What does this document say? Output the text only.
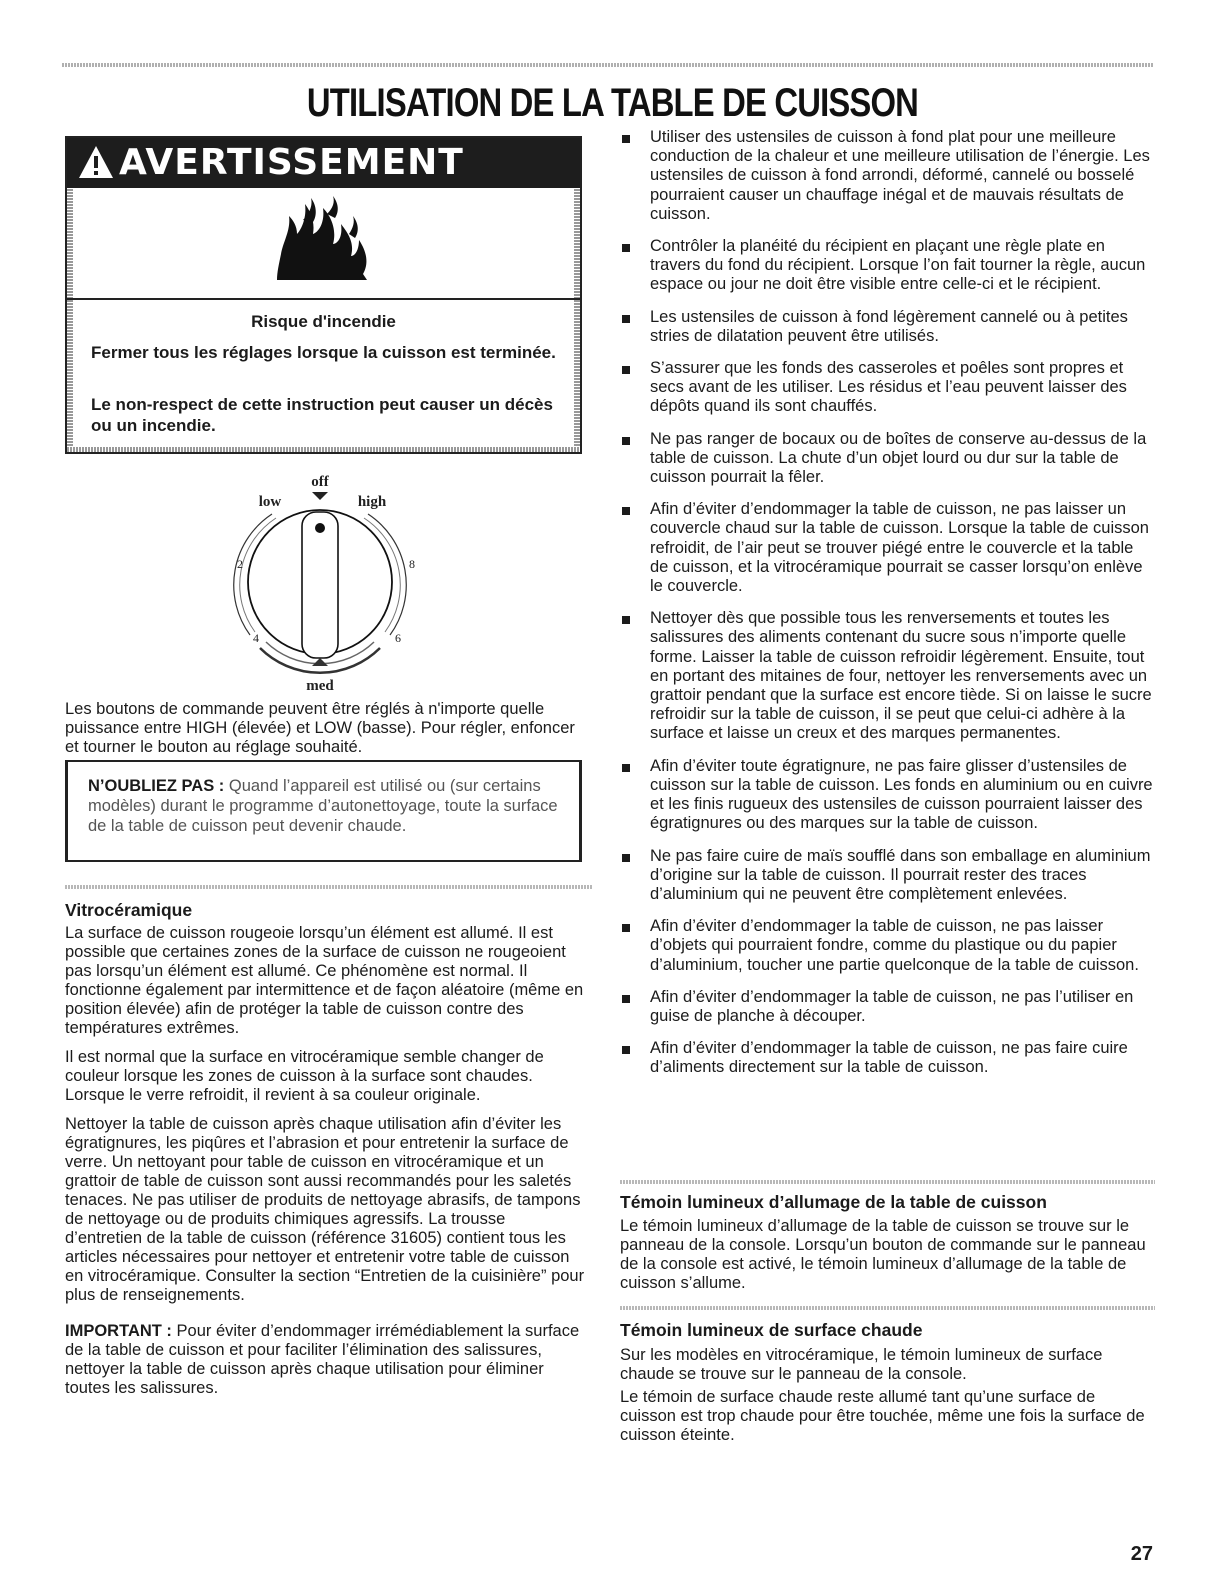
UTILISATION DE LA TABLE DE CUISSON
AVERTISSEMENT
Risque d'incendie
Fermer tous les réglages lorsque la cuisson est terminée.
Le non-respect de cette instruction peut causer un décès ou un incendie.
off
low	high
2	8
4	6
med

Les boutons de commande peuvent être réglés à n'importe quelle puissance entre HIGH (élevée) et LOW (basse). Pour régler, enfoncer et tourner le bouton au réglage souhaité.

N’OUBLIEZ PAS : Quand l’appareil est utilisé ou (sur certains modèles) durant le programme d’autonettoyage, toute la surface de la table de cuisson peut devenir chaude.
Vitrocéramique

La surface de cuisson rougeoie lorsqu’un élément est allumé. Il est possible que certaines zones de la surface de cuisson ne rougeoient pas lorsqu’un élément est allumé. Ce phénomène est normal. Il fonctionne également par intermittence et de façon aléatoire (même en position élevée) afin de protéger la table de cuisson contre des températures extrêmes.

Il est normal que la surface en vitrocéramique semble changer de couleur lorsque les zones de cuisson à la surface sont chaudes. Lorsque le verre refroidit, il revient à sa couleur originale.

Nettoyer la table de cuisson après chaque utilisation afin d’éviter les égratignures, les piqûres et l’abrasion et pour entretenir la surface de verre. Un nettoyant pour table de cuisson en vitrocéramique et un grattoir de table de cuisson sont aussi recommandés pour les saletés tenaces. Ne pas utiliser de produits de nettoyage abrasifs, de tampons de nettoyage ou de produits chimiques agressifs. La trousse d’entretien de la table de cuisson (référence 31605) contient tous les articles nécessaires pour nettoyer et entretenir votre table de cuisson en vitrocéramique. Consulter la section “Entretien de la cuisinière” pour plus de renseignements.

IMPORTANT : Pour éviter d’endommager irrémédiablement la surface de la table de cuisson et pour faciliter l’élimination des salissures, nettoyer la table de cuisson après chaque utilisation pour éliminer toutes les salissures.

Utiliser des ustensiles de cuisson à fond plat pour une meilleure conduction de la chaleur et une meilleure utilisation de l’énergie. Les ustensiles de cuisson à fond arrondi, déformé, cannelé ou bosselé pourraient causer un chauffage inégal et de mauvais résultats de cuisson.
Contrôler la planéité du récipient en plaçant une règle plate en travers du fond du récipient. Lorsque l’on fait tourner la règle, aucun espace ou jour ne doit être visible entre celle-ci et le récipient.
Les ustensiles de cuisson à fond légèrement cannelé ou à petites stries de dilatation peuvent être utilisés.
S’assurer que les fonds des casseroles et poêles sont propres et secs avant de les utiliser. Les résidus et l’eau peuvent laisser des dépôts quand ils sont chauffés.
Ne pas ranger de bocaux ou de boîtes de conserve au-dessus de la table de cuisson. La chute d’un objet lourd ou dur sur la table de cuisson pourrait la fêler.
Afin d’éviter d’endommager la table de cuisson, ne pas laisser un couvercle chaud sur la table de cuisson. Lorsque la table de cuisson refroidit, de l’air peut se trouver piégé entre le couvercle et la table de cuisson, et la vitrocéramique pourrait se casser lorsqu’on enlève le couvercle.
Nettoyer dès que possible tous les renversements et toutes les salissures des aliments contenant du sucre sous n’importe quelle forme. Laisser la table de cuisson refroidir légèrement. Ensuite, tout en portant des mitaines de four, nettoyer les renversements avec un grattoir pendant que la surface est encore tiède. Si on laisse le sucre refroidir sur la table de cuisson, il se peut que celui-ci adhère à la surface et laisse un creux et des marques permanentes.
Afin d’éviter toute égratignure, ne pas faire glisser d’ustensiles de cuisson sur la table de cuisson. Les fonds en aluminium ou en cuivre et les finis rugueux des ustensiles de cuisson pourraient laisser des égratignures ou des marques sur la table de cuisson.
Ne pas faire cuire de maïs soufflé dans son emballage en aluminium d’origine sur la table de cuisson. Il pourrait rester des traces d’aluminium qui ne peuvent être complètement enlevées.
Afin d’éviter d’endommager la table de cuisson, ne pas laisser d’objets qui pourraient fondre, comme du plastique ou du papier d’aluminium, toucher une partie quelconque de la table de cuisson.
Afin d’éviter d’endommager la table de cuisson, ne pas l’utiliser en guise de planche à découper.
Afin d’éviter d’endommager la table de cuisson, ne pas faire cuire d’aliments directement sur la table de cuisson.
Témoin lumineux d’allumage de la table de cuisson

Le témoin lumineux d’allumage de la table de cuisson se trouve sur le panneau de la console. Lorsqu’un bouton de commande sur le panneau de la console est activé, le témoin lumineux d’allumage de la table de cuisson s’allume.

Témoin lumineux de surface chaude

Sur les modèles en vitrocéramique, le témoin lumineux de surface chaude se trouve sur le panneau de la console.

Le témoin de surface chaude reste allumé tant qu’une surface de cuisson est trop chaude pour être touchée, même une fois la surface de cuisson éteinte.

27
